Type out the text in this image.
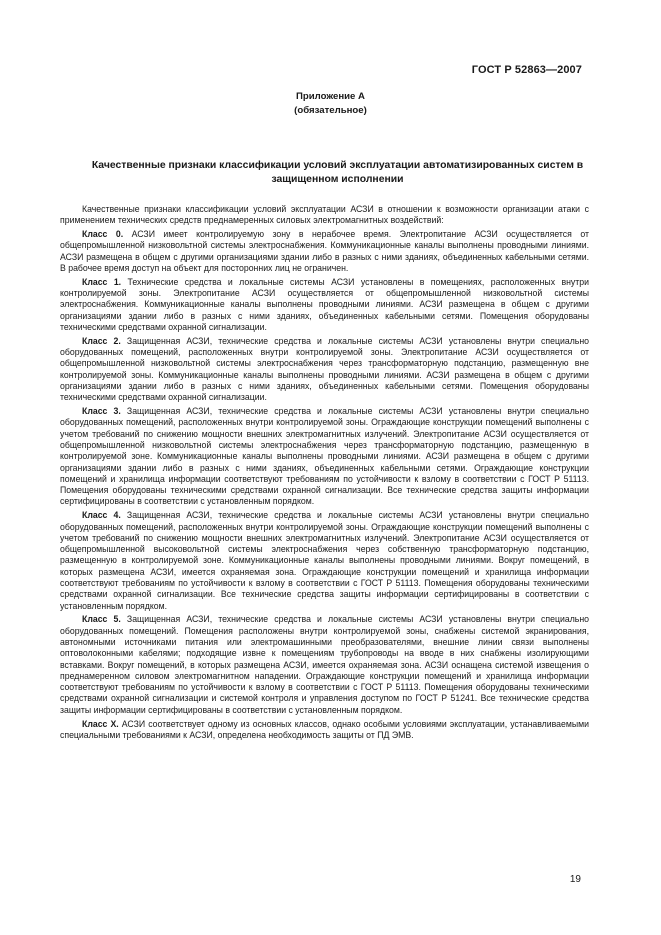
ГОСТ Р 52863—2007
Приложение А
(обязательное)
Качественные признаки классификации условий эксплуатации автоматизированных систем в защищенном исполнении

Качественные признаки классификации условий эксплуатации АСЗИ в отношении к возможности организации атаки с применением технических средств преднамеренных силовых электромагнитных воздействий:

Класс 0. АСЗИ имеет контролируемую зону в нерабочее время. Электропитание АСЗИ осуществляется от общепромышленной низковольтной системы электроснабжения. Коммуникационные каналы выполнены проводными линиями. АСЗИ размещена в общем с другими организациями здании либо в разных с ними зданиях, объединенных кабельными сетями. В рабочее время доступ на объект для посторонних лиц не ограничен.

Класс 1. Технические средства и локальные системы АСЗИ установлены в помещениях, расположенных внутри контролируемой зоны. Электропитание АСЗИ осуществляется от общепромышленной низковольтной системы электроснабжения. Коммуникационные каналы выполнены проводными линиями. АСЗИ размещена в общем с другими организациями здании либо в разных с ними зданиях, объединенных кабельными сетями. Помещения оборудованы техническими средствами охранной сигнализации.

Класс 2. Защищенная АСЗИ, технические средства и локальные системы АСЗИ установлены внутри специально оборудованных помещений, расположенных внутри контролируемой зоны. Электропитание АСЗИ осуществляется от общепромышленной низковольтной системы электроснабжения через трансформаторную подстанцию, размещенную вне контролируемой зоны. Коммуникационные каналы выполнены проводными линиями. АСЗИ размещена в общем с другими организациями здании либо в разных с ними зданиях, объединенных кабельными сетями. Помещения оборудованы техническими средствами охранной сигнализации.

Класс 3. Защищенная АСЗИ, технические средства и локальные системы АСЗИ установлены внутри специально оборудованных помещений, расположенных внутри контролируемой зоны. Ограждающие конструкции помещений выполнены с учетом требований по снижению мощности внешних электромагнитных излучений. Электропитание АСЗИ осуществляется от общепромышленной низковольтной системы электроснабжения через трансформаторную подстанцию, размещенную в контролируемой зоне. Коммуникационные каналы выполнены проводными линиями. АСЗИ размещена в общем с другими организациями здании либо в разных с ними зданиях, объединенных кабельными сетями. Ограждающие конструкции помещений и хранилища информации соответствуют требованиям по устойчивости к взлому в соответствии с ГОСТ Р 51113. Помещения оборудованы техническими средствами охранной сигнализации. Все технические средства защиты информации сертифицированы в соответствии с установленным порядком.

Класс 4. Защищенная АСЗИ, технические средства и локальные системы АСЗИ установлены внутри специально оборудованных помещений, расположенных внутри контролируемой зоны. Ограждающие конструкции помещений выполнены с учетом требований по снижению мощности внешних электромагнитных излучений. Электропитание АСЗИ осуществляется от общепромышленной высоковольтной системы электроснабжения через собственную трансформаторную подстанцию, размещенную в контролируемой зоне. Коммуникационные каналы выполнены проводными линиями. Вокруг помещений, в которых размещена АСЗИ, имеется охраняемая зона. Ограждающие конструкции помещений и хранилища информации соответствуют требованиям по устойчивости к взлому в соответствии с ГОСТ Р 51113. Помещения оборудованы техническими средствами охранной сигнализации. Все технические средства защиты информации сертифицированы в соответствии с установленным порядком.

Класс 5. Защищенная АСЗИ, технические средства и локальные системы АСЗИ установлены внутри специально оборудованных помещений. Помещения расположены внутри контролируемой зоны, снабжены системой экранирования, автономными источниками питания или электромашинными преобразователями, внешние линии связи выполнены оптоволоконными кабелями; подходящие извне к помещениям трубопроводы на вводе в них снабжены изолирующими вставками. Вокруг помещений, в которых размещена АСЗИ, имеется охраняемая зона. АСЗИ оснащена системой извещения о преднамеренном силовом электромагнитном нападении. Ограждающие конструкции помещений и хранилища информации соответствуют требованиям по устойчивости к взлому в соответствии с ГОСТ Р 51113. Помещения оборудованы техническими средствами охранной сигнализации и системой контроля и управления доступом по ГОСТ Р 51241. Все технические средства защиты информации сертифицированы в соответствии с установленным порядком.

Класс X. АСЗИ соответствует одному из основных классов, однако особыми условиями эксплуатации, устанавливаемыми специальными требованиями к АСЗИ, определена необходимость защиты от ПД ЭМВ.

19
